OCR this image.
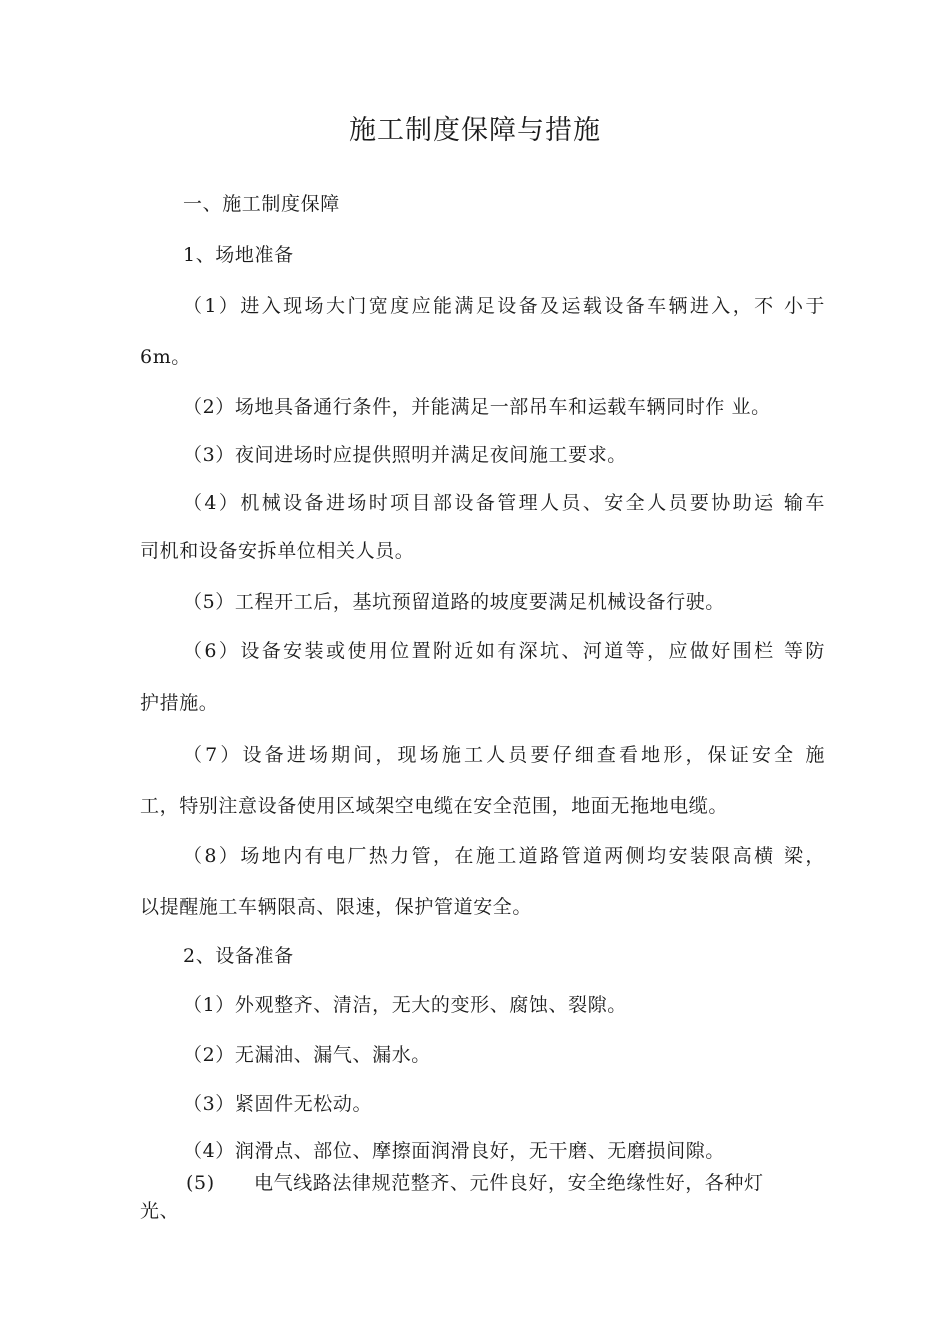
施工制度保障与措施
一、施工制度保障
1、场地准备
（1）进入现场大门宽度应能满足设备及运载设备车辆进入，不 小于
6m。
（2）场地具备通行条件，并能满足一部吊车和运载车辆同时作 业。
（3）夜间进场时应提供照明并满足夜间施工要求。
（4）机械设备进场时项目部设备管理人员、安全人员要协助运 输车
司机和设备安拆单位相关人员。
（5）工程开工后，基坑预留道路的坡度要满足机械设备行驶。
（6）设备安装或使用位置附近如有深坑、河道等，应做好围栏 等防
护措施。
（7）设备进场期间，现场施工人员要仔细查看地形，保证安全 施
工，特别注意设备使用区域架空电缆在安全范围，地面无拖地电缆。
（8）场地内有电厂热力管，在施工道路管道两侧均安装限高横 梁，
以提醒施工车辆限高、限速，保护管道安全。
2、设备准备
（1）外观整齐、清洁，无大的变形、腐蚀、裂隙。
（2）无漏油、漏气、漏水。
（3）紧固件无松动。
（4）润滑点、部位、摩擦面润滑良好，无干磨、无磨损间隙。
(5) 电气线路法律规范整齐、元件良好，安全绝缘性好，各种灯
光、
